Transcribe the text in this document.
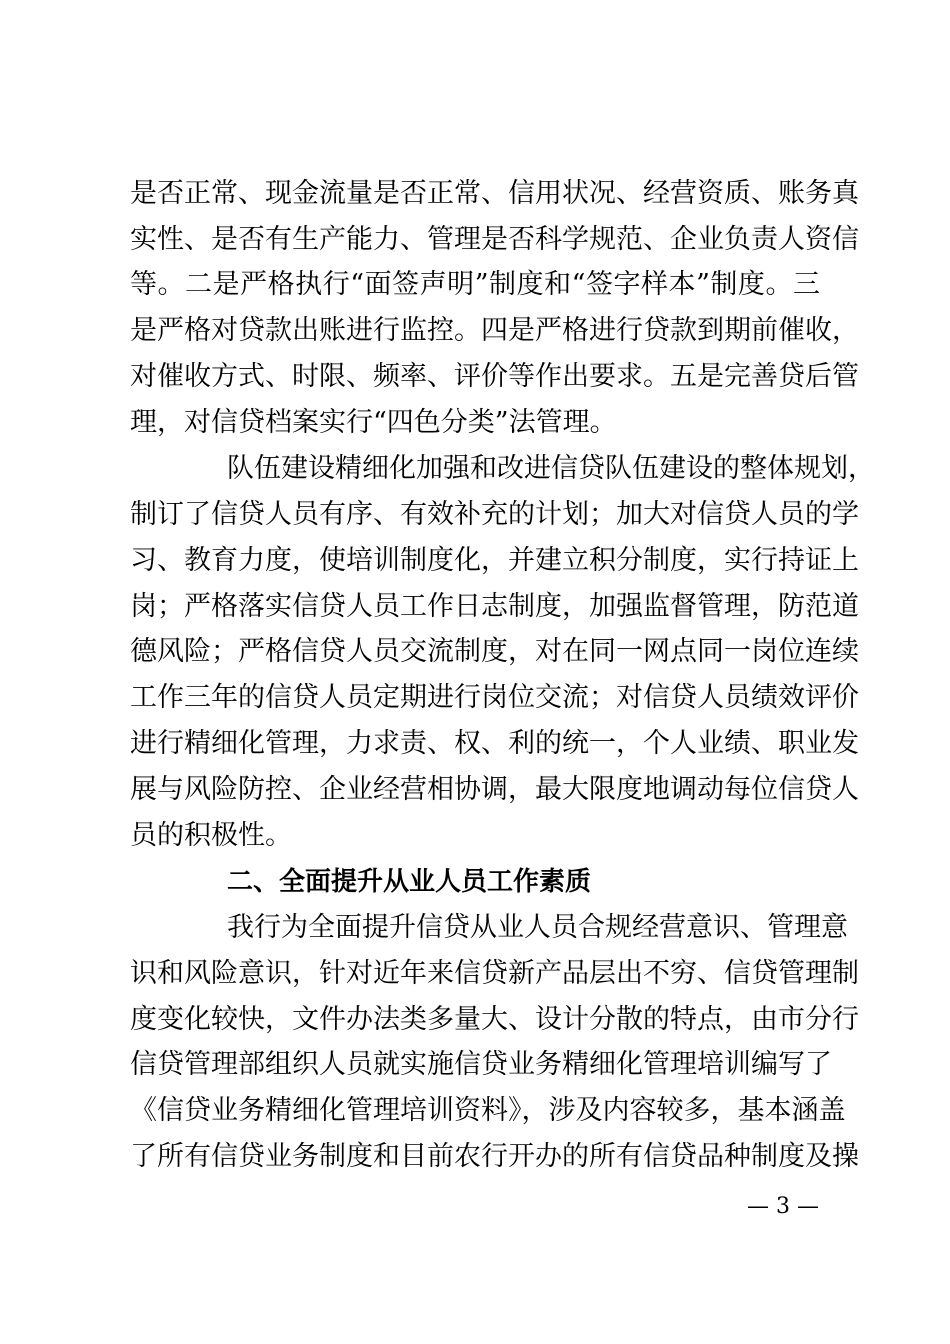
是否正常、现金流量是否正常、信用状况、经营资质、账务真
实性、是否有生产能力、管理是否科学规范、企业负责人资信
等。二是严格执行“面签声明”制度和“签字样本”制度。三
是严格对贷款出账进行监控。四是严格进行贷款到期前催收，
对催收方式、时限、频率、评价等作出要求。五是完善贷后管
理，对信贷档案实行“四色分类”法管理。
队伍建设精细化加强和改进信贷队伍建设的整体规划，
制订了信贷人员有序、有效补充的计划；加大对信贷人员的学
习、教育力度，使培训制度化，并建立积分制度，实行持证上
岗；严格落实信贷人员工作日志制度，加强监督管理，防范道
德风险；严格信贷人员交流制度，对在同一网点同一岗位连续
工作三年的信贷人员定期进行岗位交流；对信贷人员绩效评价
进行精细化管理，力求责、权、利的统一，个人业绩、职业发
展与风险防控、企业经营相协调，最大限度地调动每位信贷人
员的积极性。
二、全面提升从业人员工作素质
我行为全面提升信贷从业人员合规经营意识、管理意
识和风险意识，针对近年来信贷新产品层出不穷、信贷管理制
度变化较快，文件办法类多量大、设计分散的特点，由市分行
信贷管理部组织人员就实施信贷业务精细化管理培训编写了
《信贷业务精细化管理培训资料》，涉及内容较多，基本涵盖
了所有信贷业务制度和目前农行开办的所有信贷品种制度及操
— 3 —
